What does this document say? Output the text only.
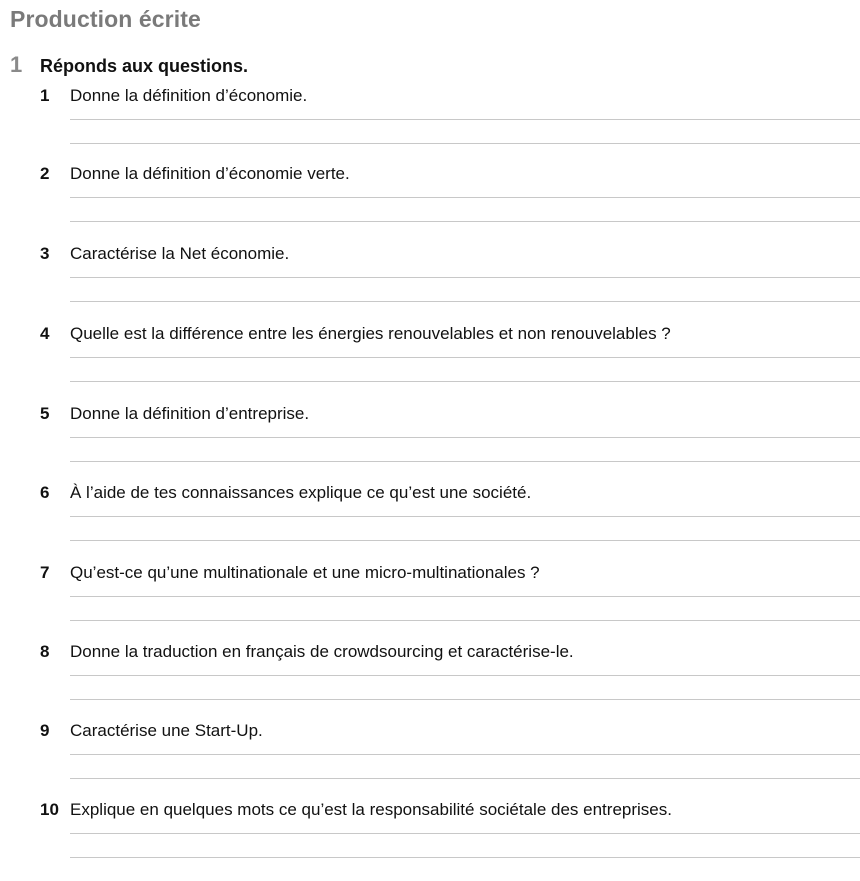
Production écrite
1 Réponds aux questions.
1 Donne la définition d’économie.
2 Donne la définition d’économie verte.
3 Caractérise la Net économie.
4 Quelle est la différence entre les énergies renouvelables et non renouvelables ?
5 Donne la définition d’entreprise.
6 À l’aide de tes connaissances explique ce qu’est une société.
7 Qu’est-ce qu’une multinationale et une micro-multinationales ?
8 Donne la traduction en français de crowdsourcing et caractérise-le.
9 Caractérise une Start-Up.
10 Explique en quelques mots ce qu’est la responsabilité sociétale des entreprises.
